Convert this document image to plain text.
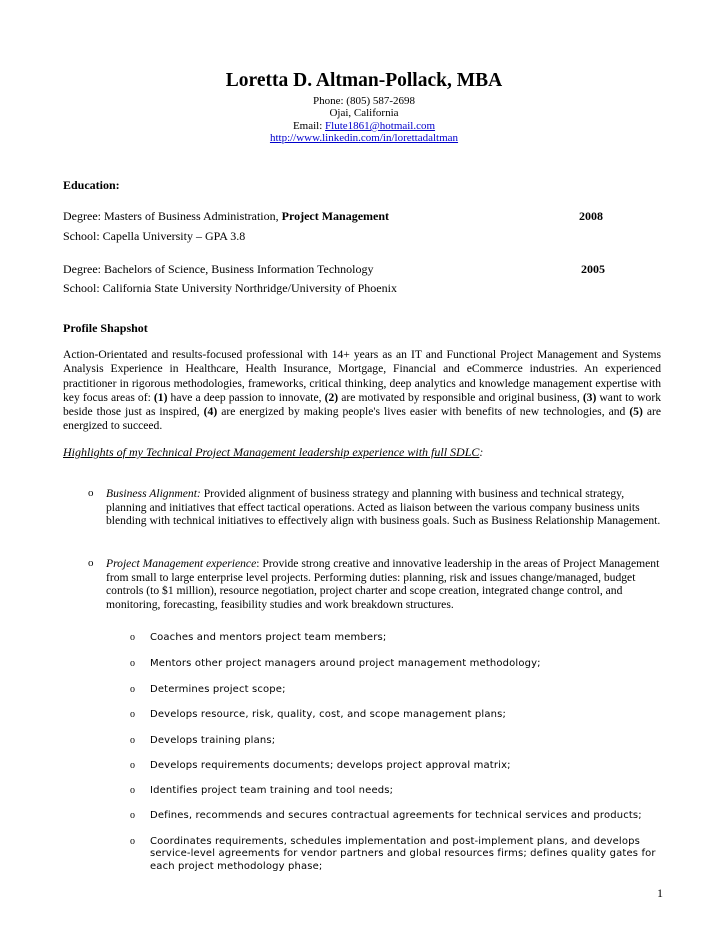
Loretta D. Altman-Pollack, MBA
Phone: (805) 587-2698
Ojai, California
Email: Flute1861@hotmail.com
http://www.linkedin.com/in/lorettadaltman
Education:
Degree: Masters of Business Administration, Project Management	2008
School: Capella University – GPA 3.8
Degree: Bachelors of Science, Business Information Technology	2005
School: California State University Northridge/University of Phoenix
Profile Shapshot
Action-Orientated and results-focused professional with 14+ years as an IT and Functional Project Management and Systems Analysis Experience in Healthcare, Health Insurance, Mortgage, Financial and eCommerce industries. An experienced practitioner in rigorous methodologies, frameworks, critical thinking, deep analytics and knowledge management expertise with key focus areas of: (1) have a deep passion to innovate, (2) are motivated by responsible and original business, (3) want to work beside those just as inspired, (4) are energized by making people's lives easier with benefits of new technologies, and (5) are energized to succeed.
Highlights of my Technical Project Management leadership experience with full SDLC:
o Business Alignment: Provided alignment of business strategy and planning with business and technical strategy, planning and initiatives that effect tactical operations. Acted as liaison between the various company business units blending with technical initiatives to effectively align with business goals. Such as Business Relationship Management.
o Project Management experience: Provide strong creative and innovative leadership in the areas of Project Management from small to large enterprise level projects. Performing duties: planning, risk and issues change/managed, budget controls (to $1 million), resource negotiation, project charter and scope creation, integrated change control, and monitoring, forecasting, feasibility studies and work breakdown structures.
o Coaches and mentors project team members;
o Mentors other project managers around project management methodology;
o Determines project scope;
o Develops resource, risk, quality, cost, and scope management plans;
o Develops training plans;
o Develops requirements documents; develops project approval matrix;
o Identifies project team training and tool needs;
o Defines, recommends and secures contractual agreements for technical services and products;
o Coordinates requirements, schedules implementation and post-implement plans, and develops service-level agreements for vendor partners and global resources firms; defines quality gates for each project methodology phase;
1
